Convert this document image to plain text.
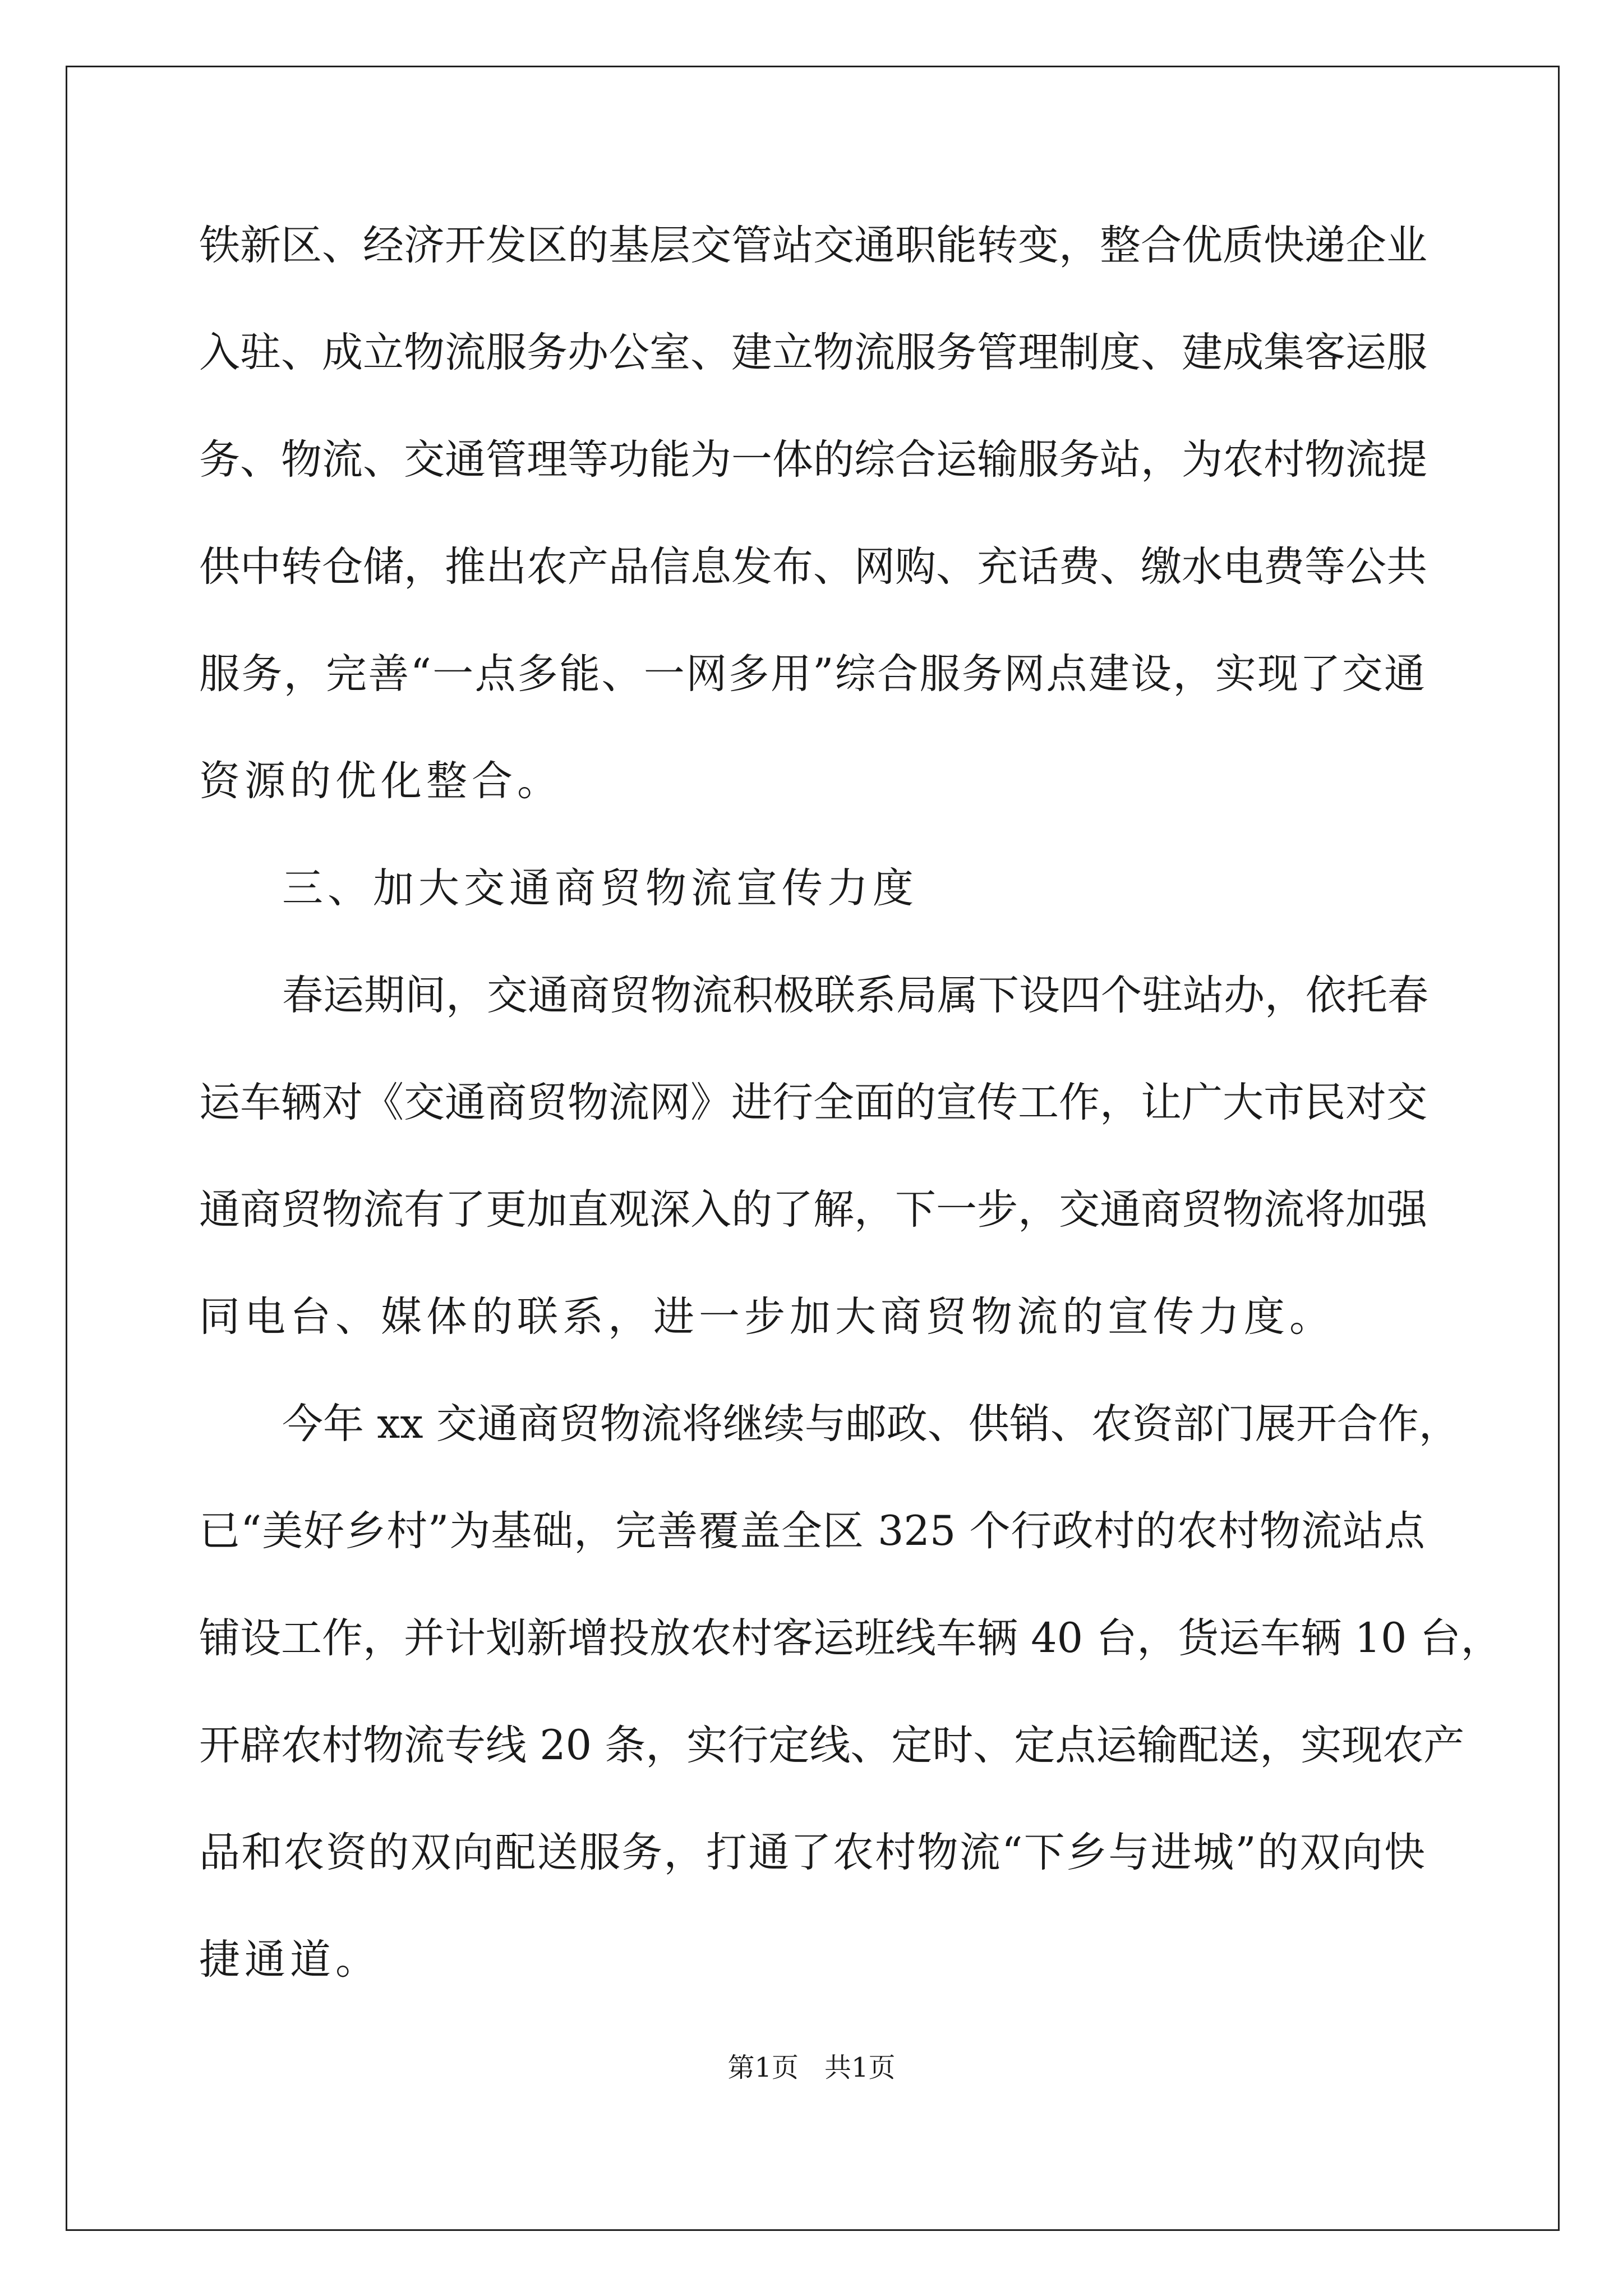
铁新区、经济开发区的基层交管站交通职能转变，整合优质快递企业
入驻、成立物流服务办公室、建立物流服务管理制度、建成集客运服
务、物流、交通管理等功能为一体的综合运输服务站，为农村物流提
供中转仓储，推出农产品信息发布、网购、充话费、缴水电费等公共
服务，完善“一点多能、一网多用”综合服务网点建设，实现了交通
资源的优化整合。
三、加大交通商贸物流宣传力度
春运期间，交通商贸物流积极联系局属下设四个驻站办，依托春
运车辆对《交通商贸物流网》进行全面的宣传工作，让广大市民对交
通商贸物流有了更加直观深入的了解，下一步，交通商贸物流将加强
同电台、媒体的联系，进一步加大商贸物流的宣传力度。
今年 xx 交通商贸物流将继续与邮政、供销、农资部门展开合作，
已“美好乡村”为基础，完善覆盖全区 325 个行政村的农村物流站点
铺设工作，并计划新增投放农村客运班线车辆 40 台，货运车辆 10 台，
开辟农村物流专线 20 条，实行定线、定时、定点运输配送，实现农产
品和农资的双向配送服务，打通了农村物流“下乡与进城”的双向快
捷通道。
第1页 共1页
